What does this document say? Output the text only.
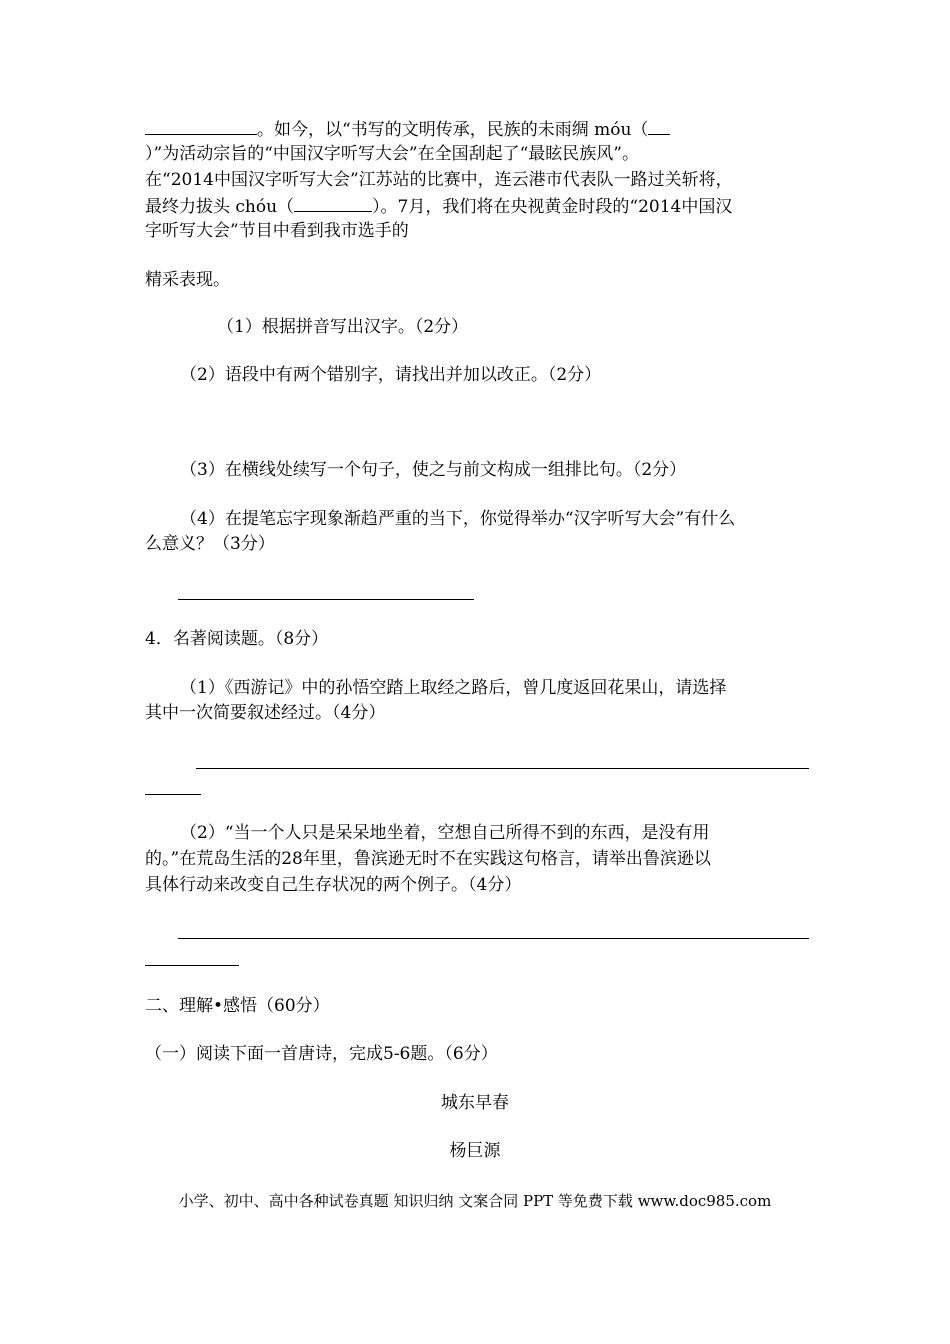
。如今，以“书写的文明传承，民族的未雨绸 móu（
）”为活动宗旨的“中国汉字听写大会”在全国刮起了“最眩民族风”。
在“2014中国汉字听写大会”江苏站的比赛中，连云港市代表队一路过关斩将，
最终力拔头 chóu（	）。7月，我们将在央视黄金时段的“2014中国汉
字听写大会”节目中看到我市选手的
精采表现。
（1）根据拼音写出汉字。（2分）
（2）语段中有两个错别字，请找出并加以改正。（2分）
（3）在横线处续写一个句子，使之与前文构成一组排比句。（2分）
（4）在提笔忘字现象渐趋严重的当下，你觉得举办“汉字听写大会”有什么
么意义？（3分）
4．名著阅读题。（8分）
（1）《西游记》中的孙悟空踏上取经之路后，曾几度返回花果山，请选择
其中一次简要叙述经过。（4分）
（2）“当一个人只是呆呆地坐着，空想自己所得不到的东西，是没有用
的。”在荒岛生活的28年里，鲁滨逊无时不在实践这句格言，请举出鲁滨逊以
具体行动来改变自己生存状况的两个例子。（4分）
二、理解•感悟（60分）
（一）阅读下面一首唐诗，完成5-6题。（6分）
城东早春
杨巨源
小学、初中、高中各种试卷真题 知识归纳 文案合同 PPT 等免费下载 www.doc985.com
